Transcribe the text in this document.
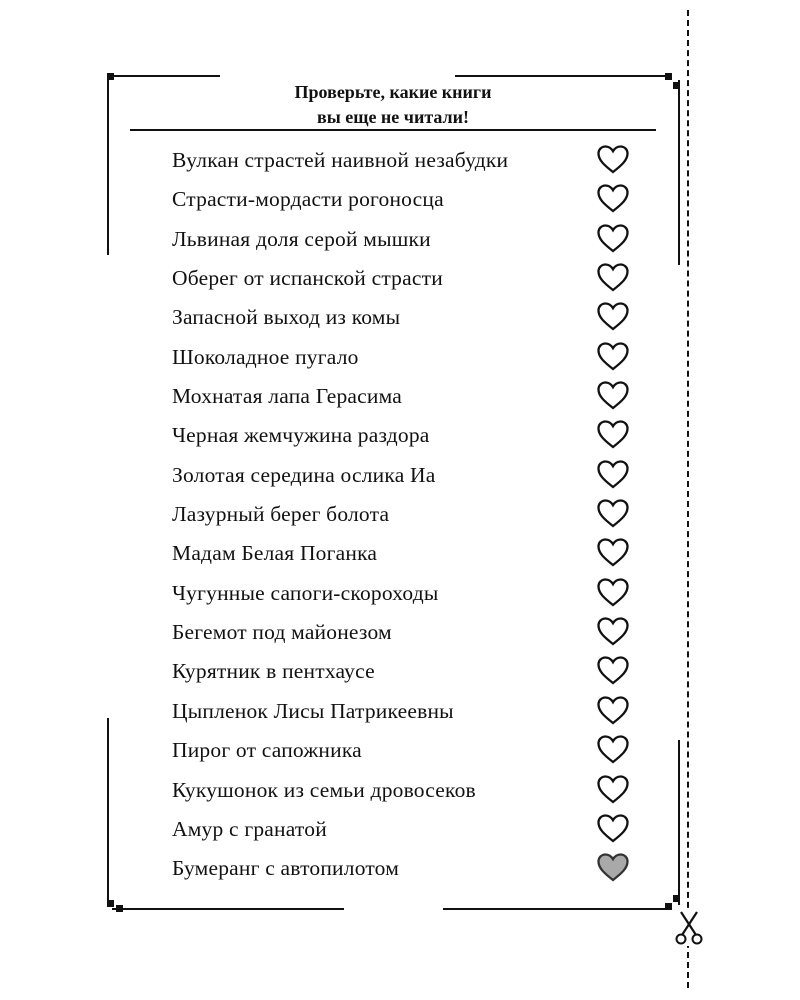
Проверьте, какие книги
вы еще не читали!
Вулкан страстей наивной незабудки
Страсти-мордасти рогоносца
Львиная доля серой мышки
Оберег от испанской страсти
Запасной выход из комы
Шоколадное пугало
Мохнатая лапа Герасима
Черная жемчужина раздора
Золотая середина ослика Иа
Лазурный берег болота
Мадам Белая Поганка
Чугунные сапоги-скороходы
Бегемот под майонезом
Курятник в пентхаусе
Цыпленок Лисы Патрикеевны
Пирог от сапожника
Кукушонок из семьи дровосеков
Амур с гранатой
Бумеранг с автопилотом
